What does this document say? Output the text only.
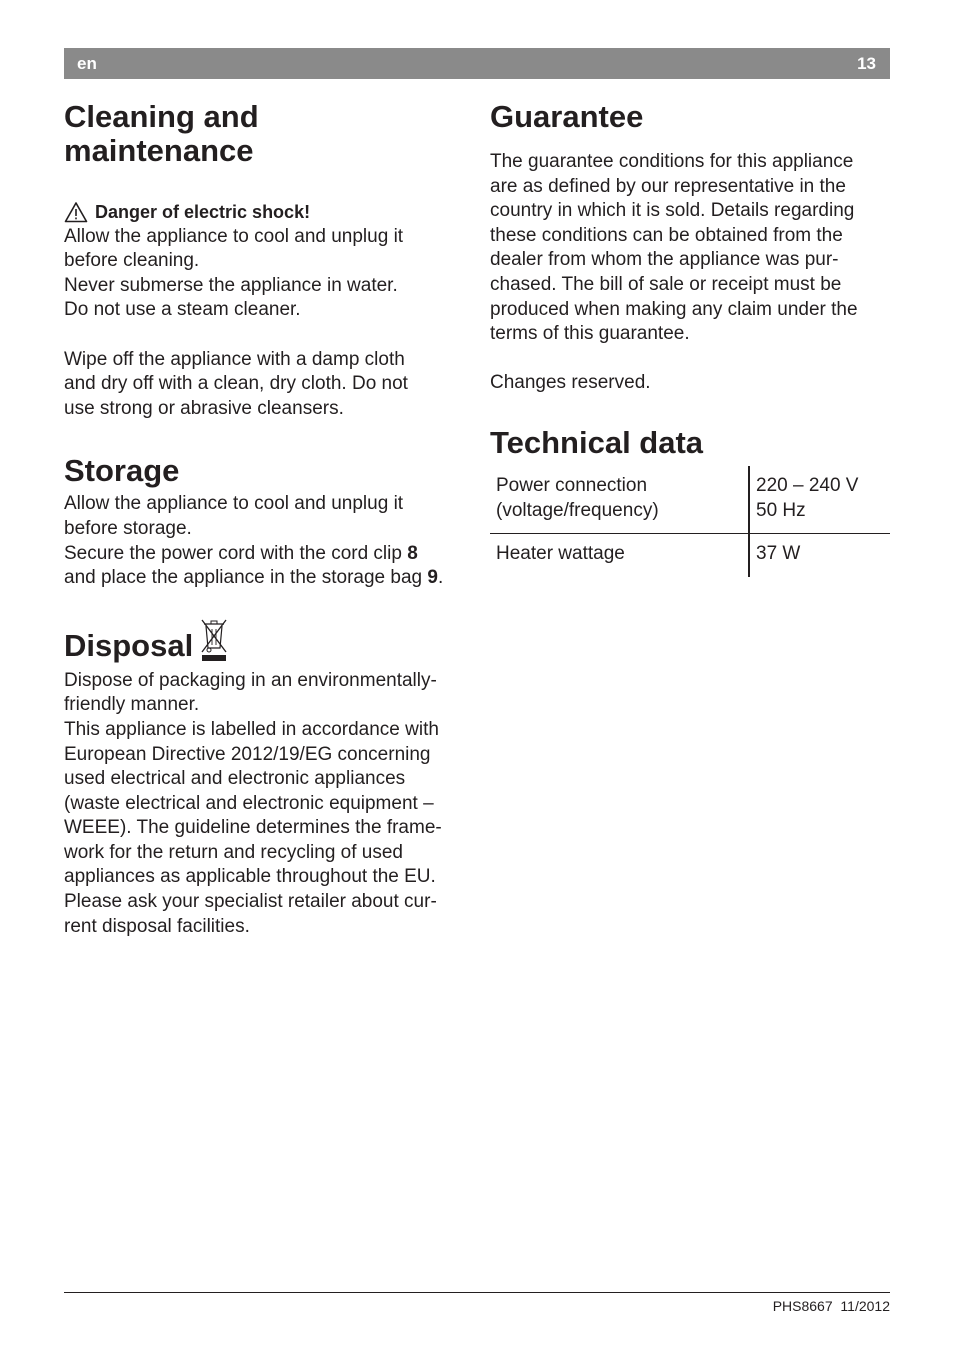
en	13
Cleaning and
maintenance

Danger of electric shock!

Allow the appliance to cool and unplug it
before cleaning.
Never submerse the appliance in water.
Do not use a steam cleaner.

Wipe off the appliance with a damp cloth
and dry off with a clean, dry cloth. Do not
use strong or abrasive cleansers.

Storage

Allow the appliance to cool and unplug it
before storage.
Secure the power cord with the cord clip 8
and place the appliance in the storage bag 9.

Disposal

Dispose of packaging in an environmentally-
friendly manner.
This appliance is labelled in accordance with
European Directive 2012/19/EG concerning
used electrical and electronic appliances
(waste electrical and electronic equipment –
WEEE). The guideline determines the frame-
work for the return and recycling of used
appliances as applicable throughout the EU.
Please ask your specialist retailer about cur-
rent disposal facilities.

Guarantee

The guarantee conditions for this appliance
are as defined by our representative in the
country in which it is sold. Details regarding
these conditions can be obtained from the
dealer from whom the appliance was pur-
chased. The bill of sale or receipt must be
produced when making any claim under the
terms of this guarantee.

Changes reserved.

Technical data
Power connection
(voltage/frequency)	220 – 240 V
50 Hz
Heater wattage	37 W
PHS8667 11/2012
